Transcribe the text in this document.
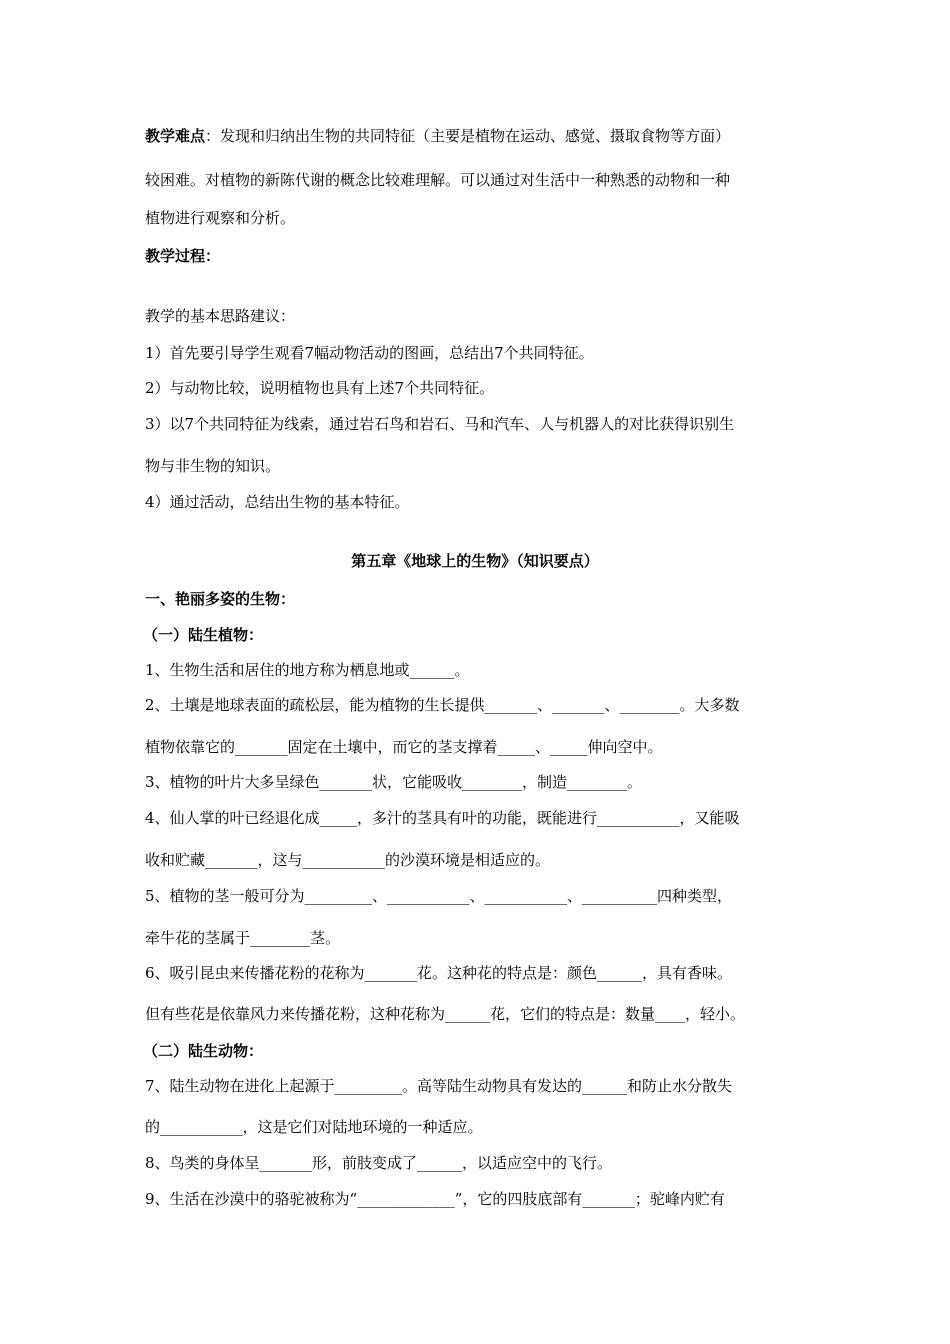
教学难点：发现和归纳出生物的共同特征（主要是植物在运动、感觉、摄取食物等方面）
较困难。对植物的新陈代谢的概念比较难理解。可以通过对生活中一种熟悉的动物和一种
植物进行观察和分析。
教学过程：
教学的基本思路建议：
1）首先要引导学生观看7幅动物活动的图画，总结出7个共同特征。
2）与动物比较，说明植物也具有上述7个共同特征。
3）以7个共同特征为线索，通过岩石鸟和岩石、马和汽车、人与机器人的对比获得识别生
物与非生物的知识。
4）通过活动，总结出生物的基本特征。
第五章《地球上的生物》（知识要点）
一、艳丽多姿的生物：
（一）陆生植物：
1、生物生活和居住的地方称为栖息地或______。
2、土壤是地球表面的疏松层，能为植物的生长提供_______、_______、________。大多数
植物依靠它的_______固定在土壤中，而它的茎支撑着_____、_____伸向空中。
3、植物的叶片大多呈绿色_______状，它能吸收________，制造________。
4、仙人掌的叶已经退化成_____，多汁的茎具有叶的功能，既能进行___________，又能吸
收和贮藏_______，这与___________的沙漠环境是相适应的。
5、植物的茎一般可分为_________、___________、___________、__________四种类型，
牵牛花的茎属于________茎。
6、吸引昆虫来传播花粉的花称为_______花。这种花的特点是：颜色______，具有香味。
但有些花是依靠风力来传播花粉，这种花称为______花，它们的特点是：数量____，轻小。
（二）陆生动物：
7、陆生动物在进化上起源于_________。高等陆生动物具有发达的______和防止水分散失
的___________，这是它们对陆地环境的一种适应。
8、鸟类的身体呈_______形，前肢变成了______，以适应空中的飞行。
9、生活在沙漠中的骆驼被称为“_____________”，它的四肢底部有_______；驼峰内贮有
